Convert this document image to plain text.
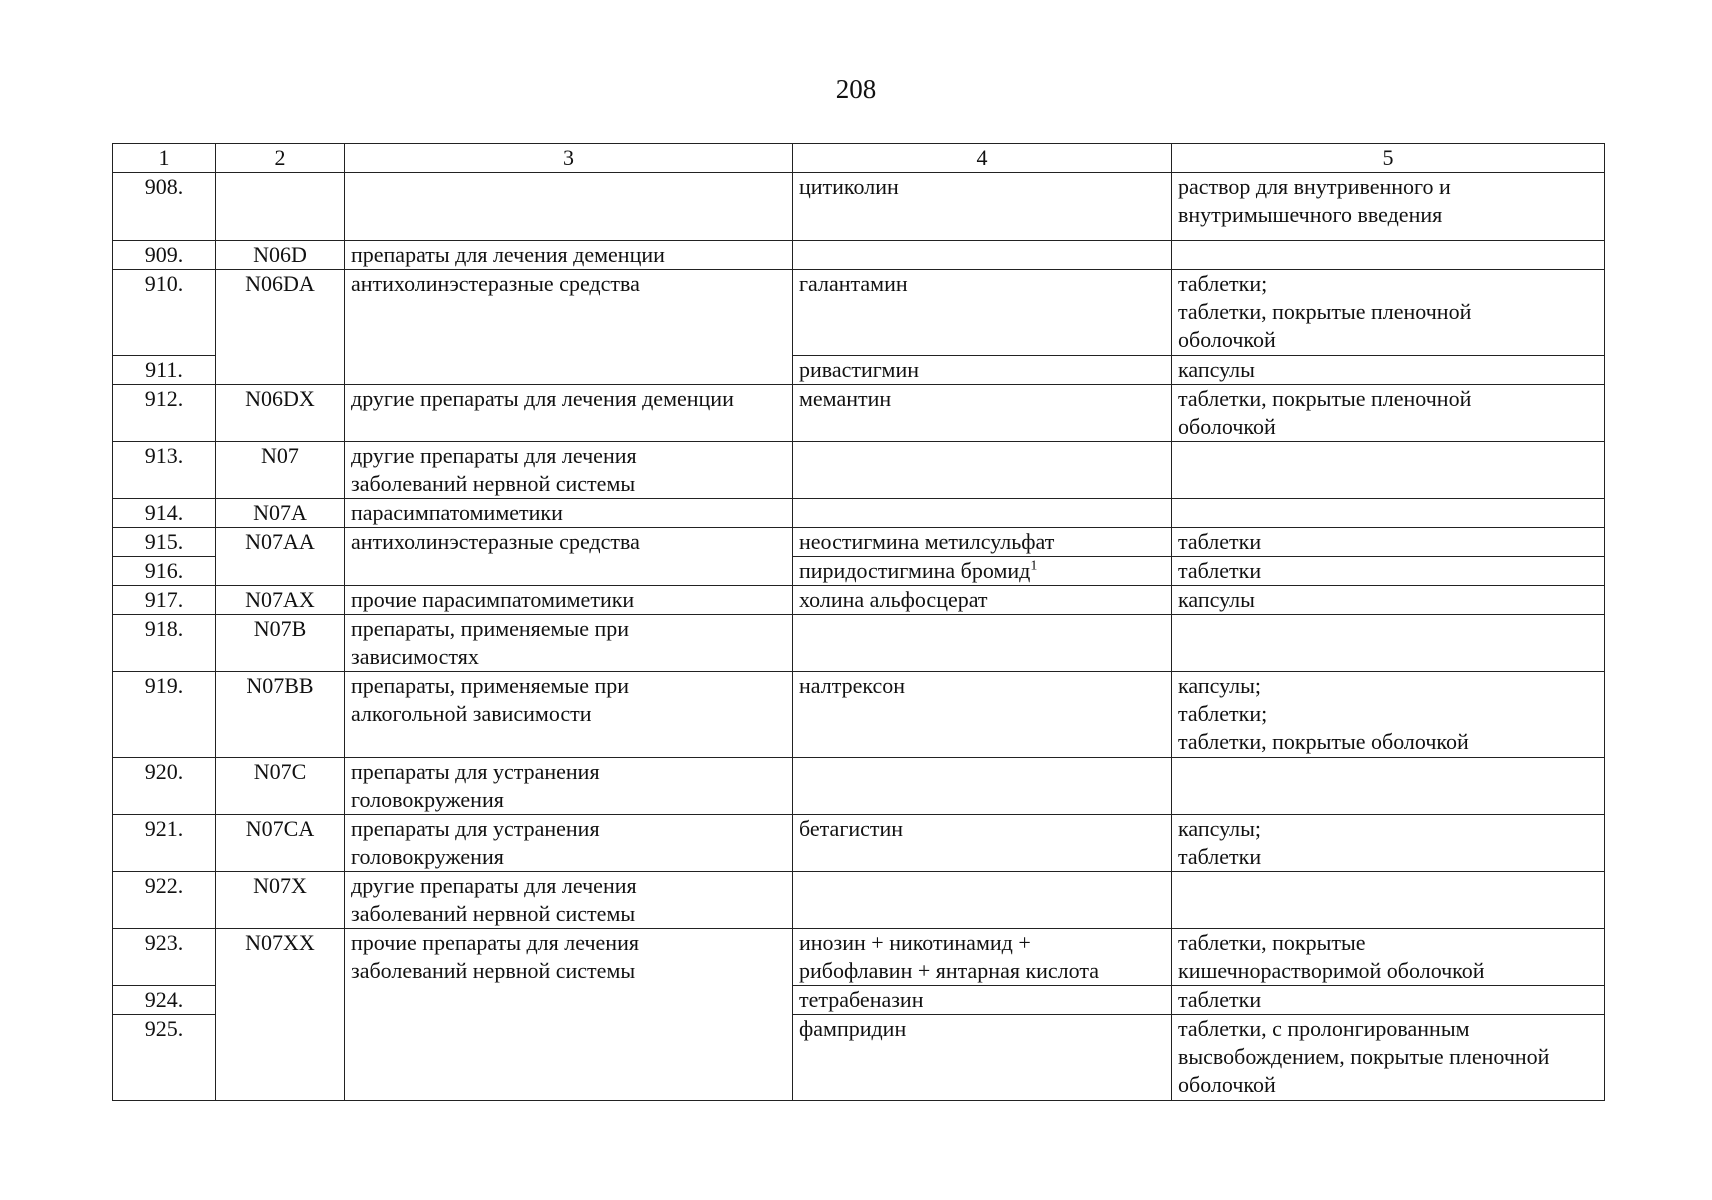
208
1	2	3	4	5
908.			цитиколин	раствор для внутривенного и
внутримышечного введения
909.	N06D	препараты для лечения деменции		
910.	N06DA	антихолинэстеразные средства	галантамин	таблетки;
таблетки, покрытые пленочной
оболочкой
911.			ривастигмин	капсулы
912.	N06DX	другие препараты для лечения деменции	мемантин	таблетки, покрытые пленочной
оболочкой
913.	N07	другие препараты для лечения
заболеваний нервной системы		
914.	N07A	парасимпатомиметики		
915.	N07AA	антихолинэстеразные средства	неостигмина метилсульфат	таблетки
916.			пиридостигмина бромид$^1$	таблетки
917.	N07AX	прочие парасимпатомиметики	холина альфосцерат	капсулы
918.	N07B	препараты, применяемые при
зависимостях		
919.	N07BB	препараты, применяемые при
алкогольной зависимости	налтрексон	капсулы;
таблетки;
таблетки, покрытые оболочкой
920.	N07C	препараты для устранения
головокружения		
921.	N07CA	препараты для устранения
головокружения	бетагистин	капсулы;
таблетки
922.	N07X	другие препараты для лечения
заболеваний нервной системы		
923.	N07XX	прочие препараты для лечения
заболеваний нервной системы	инозин + никотинамид +
рибофлавин + янтарная кислота	таблетки, покрытые
кишечнорастворимой оболочкой
924.			тетрабеназин	таблетки
925.			фампридин	таблетки, с пролонгированным
высвобождением, покрытые пленочной
оболочкой
